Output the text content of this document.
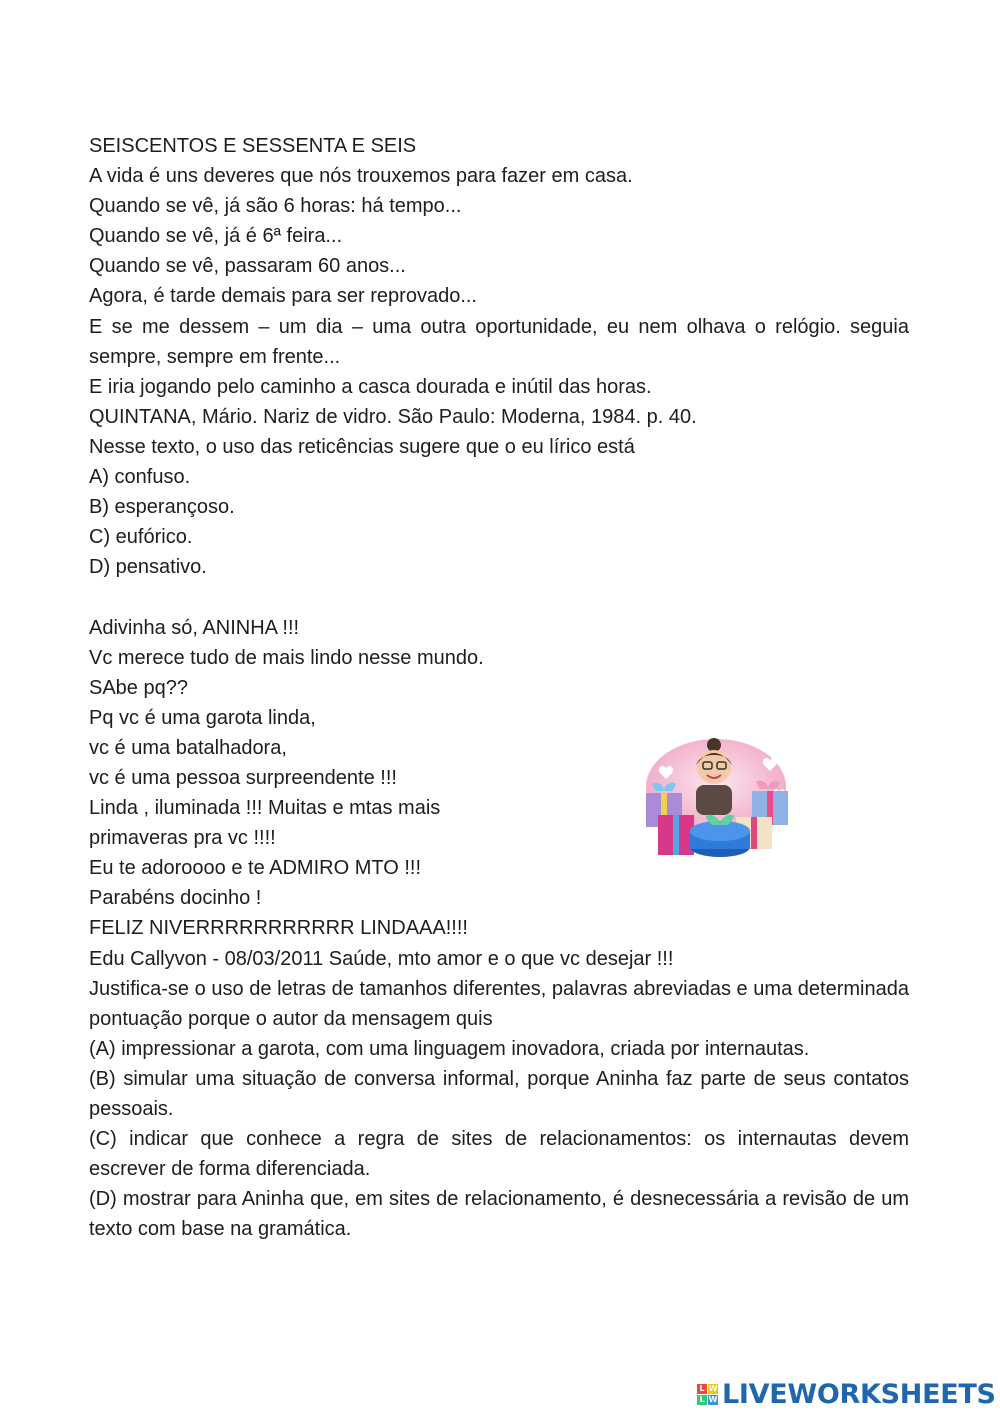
SEISCENTOS E SESSENTA E SEIS
A vida é uns deveres que nós trouxemos para fazer em casa.
Quando se vê, já são 6 horas: há tempo...
Quando se vê, já é 6ª feira...
Quando se vê, passaram 60 anos...
Agora, é tarde demais para ser reprovado...
E se me dessem – um dia – uma outra oportunidade, eu nem olhava o relógio. seguia sempre, sempre em frente...
E iria jogando pelo caminho a casca dourada e inútil das horas.
QUINTANA, Mário. Nariz de vidro. São Paulo: Moderna, 1984. p. 40.
Nesse texto, o uso das reticências sugere que o eu lírico está
A) confuso.
B) esperançoso.
C) eufórico.
D) pensativo.
Adivinha só, ANINHA !!!
Vc merece tudo de mais lindo nesse mundo.
SAbe pq??
Pq vc é uma garota linda,
vc é uma batalhadora,
vc é uma pessoa surpreendente !!!
Linda , iluminada !!! Muitas e mtas mais
primaveras pra vc !!!!
Eu te adoroooo e te ADMIRO MTO !!!
Parabéns docinho !
FELIZ NIVERRRRRRRRRRR LINDAAA!!!!
Edu Callyvon - 08/03/2011 Saúde, mto amor e o que vc desejar !!!
Justifica-se o uso de letras de tamanhos diferentes, palavras abreviadas e uma determinada pontuação porque o autor da mensagem quis
(A) impressionar a garota, com uma linguagem inovadora, criada por internautas.
(B) simular uma situação de conversa informal, porque Aninha faz parte de seus contatos pessoais.
(C) indicar que conhece a regra de sites de relacionamentos: os internautas devem escrever de forma diferenciada.
(D) mostrar para Aninha que, em sites de relacionamento, é desnecessária a revisão de um texto com base na gramática.
L W
L W LIVEWORKSHEETS
